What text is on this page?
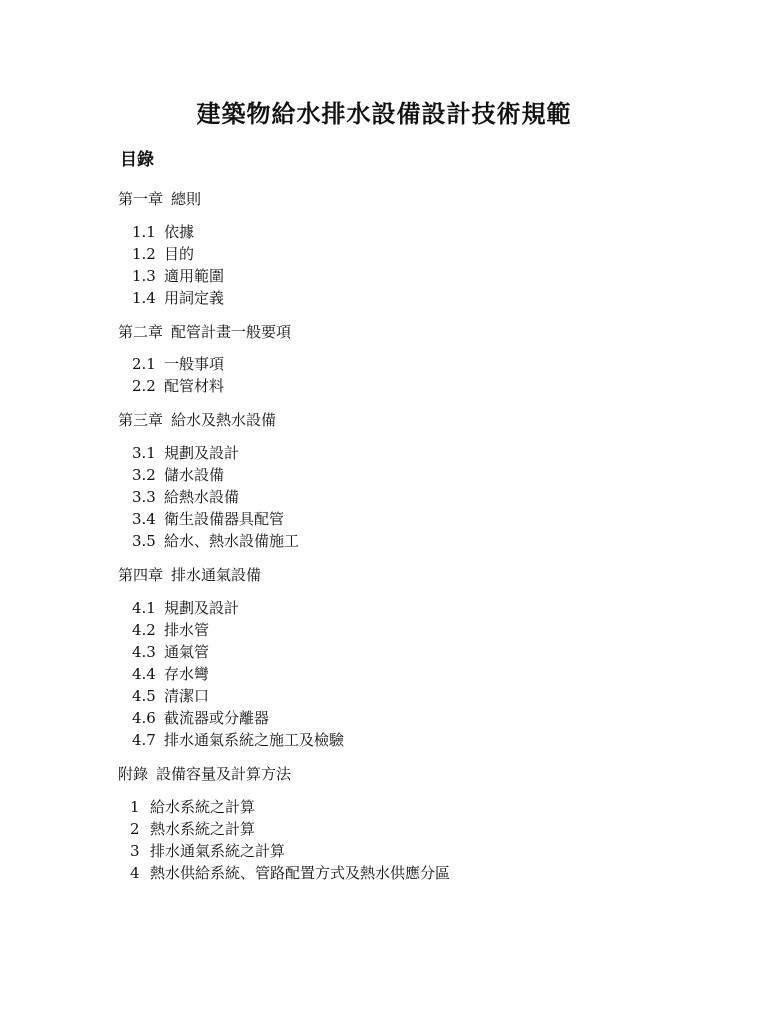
建築物給水排水設備設計技術規範
目錄
第一章 總則
1.1 依據
1.2 目的
1.3 適用範圍
1.4 用詞定義
第二章 配管計畫一般要項
2.1 一般事項
2.2 配管材料
第三章 給水及熱水設備
3.1 規劃及設計
3.2 儲水設備
3.3 給熱水設備
3.4 衛生設備器具配管
3.5 給水、熱水設備施工
第四章 排水通氣設備
4.1 規劃及設計
4.2 排水管
4.3 通氣管
4.4 存水彎
4.5 清潔口
4.6 截流器或分離器
4.7 排水通氣系統之施工及檢驗
附錄 設備容量及計算方法
1 給水系統之計算
2 熱水系統之計算
3 排水通氣系統之計算
4 熱水供給系統、管路配置方式及熱水供應分區
